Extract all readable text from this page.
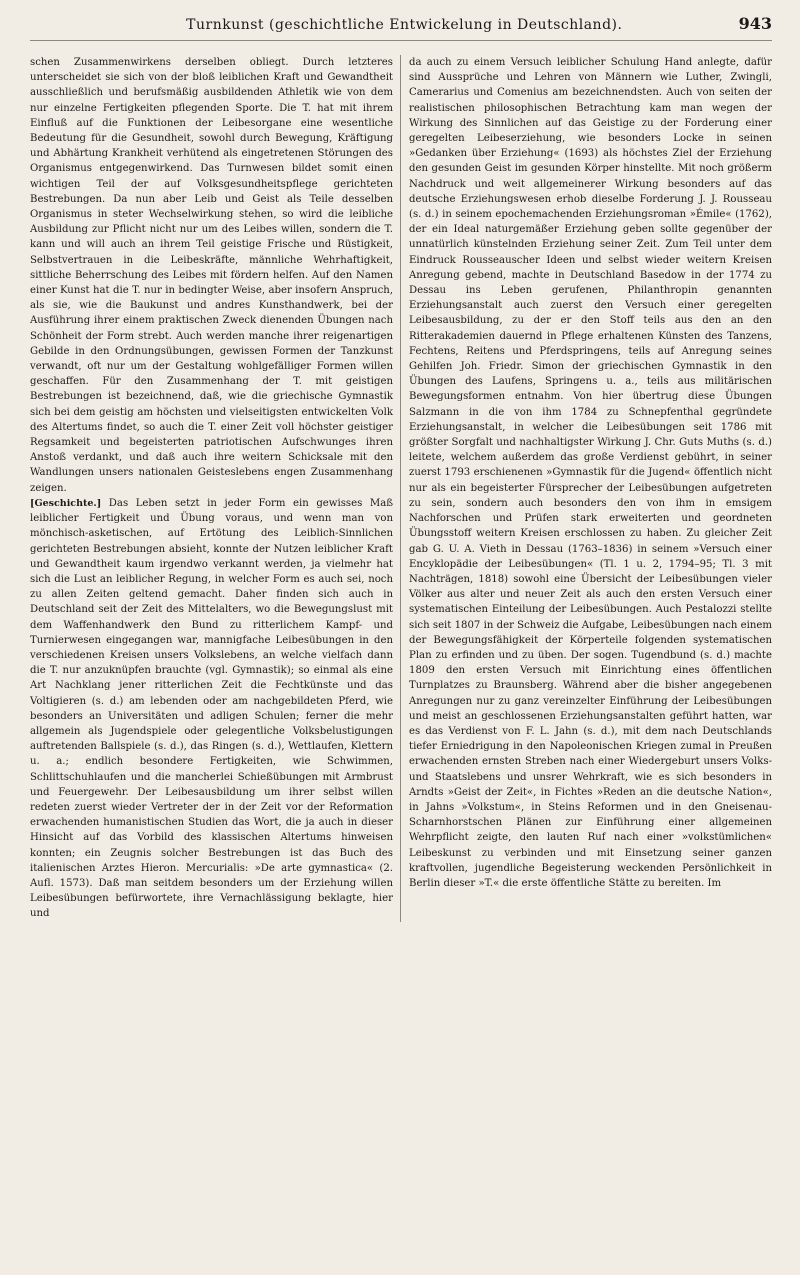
Turnkunst (geschichtliche Entwickelung in Deutschland).	943

schen Zusammenwirkens derselben obliegt. Durch letzteres unterscheidet sie sich von der bloß leiblichen Kraft und Gewandtheit ausschließlich und berufsmäßig ausbildenden Athletik wie von dem nur einzelne Fertigkeiten pflegenden Sporte. Die T. hat mit ihrem Einfluß auf die Funktionen der Leibesorgane eine wesentliche Bedeutung für die Gesundheit, sowohl durch Bewegung, Kräftigung und Abhärtung Krankheit verhütend als eingetretenen Störungen des Organismus entgegenwirkend. Das Turnwesen bildet somit einen wichtigen Teil der auf Volksgesundheitspflege gerichteten Bestrebungen. Da nun aber Leib und Geist als Teile desselben Organismus in steter Wechselwirkung stehen, so wird die leibliche Ausbildung zur Pflicht nicht nur um des Leibes willen, sondern die T. kann und will auch an ihrem Teil geistige Frische und Rüstigkeit, Selbstvertrauen in die Leibeskräfte, männliche Wehrhaftigkeit, sittliche Beherrschung des Leibes mit fördern helfen. Auf den Namen einer Kunst hat die T. nur in bedingter Weise, aber insofern Anspruch, als sie, wie die Baukunst und andres Kunsthandwerk, bei der Ausführung ihrer einem praktischen Zweck dienenden Übungen nach Schönheit der Form strebt. Auch werden manche ihrer reigenartigen Gebilde in den Ordnungsübungen, gewissen Formen der Tanzkunst verwandt, oft nur um der Gestaltung wohlgefälliger Formen willen geschaffen. Für den Zusammenhang der T. mit geistigen Bestrebungen ist bezeichnend, daß, wie die griechische Gymnastik sich bei dem geistig am höchsten und vielseitigsten entwickelten Volk des Altertums findet, so auch die T. einer Zeit voll höchster geistiger Regsamkeit und begeisterten patriotischen Aufschwunges ihren Anstoß verdankt, und daß auch ihre weitern Schicksale mit den Wandlungen unsers nationalen Geisteslebens engen Zusammenhang zeigen.

[Geschichte.] Das Leben setzt in jeder Form ein gewisses Maß leiblicher Fertigkeit und Übung voraus, und wenn man von mönchisch-asketischen, auf Ertötung des Leiblich-Sinnlichen gerichteten Bestrebungen absieht, konnte der Nutzen leiblicher Kraft und Gewandtheit kaum irgendwo verkannt werden, ja vielmehr hat sich die Lust an leiblicher Regung, in welcher Form es auch sei, noch zu allen Zeiten geltend gemacht. Daher finden sich auch in Deutschland seit der Zeit des Mittelalters, wo die Bewegungslust mit dem Waffenhandwerk den Bund zu ritterlichem Kampf- und Turnierwesen eingegangen war, mannigfache Leibesübungen in den verschiedenen Kreisen unsers Volkslebens, an welche vielfach dann die T. nur anzuknüpfen brauchte (vgl. Gymnastik); so einmal als eine Art Nachklang jener ritterlichen Zeit die Fechtkünste und das Voltigieren (s. d.) am lebenden oder am nachgebildeten Pferd, wie besonders an Universitäten und adligen Schulen; ferner die mehr allgemein als Jugendspiele oder gelegentliche Volksbelustigungen auftretenden Ballspiele (s. d.), das Ringen (s. d.), Wettlaufen, Klettern u. a.; endlich besondere Fertigkeiten, wie Schwimmen, Schlittschuhlaufen und die mancherlei Schießübungen mit Armbrust und Feuergewehr. Der Leibesausbildung um ihrer selbst willen redeten zuerst wieder Vertreter der in der Zeit vor der Reformation erwachenden humanistischen Studien das Wort, die ja auch in dieser Hinsicht auf das Vorbild des klassischen Altertums hinweisen konnten; ein Zeugnis solcher Bestrebungen ist das Buch des italienischen Arztes Hieron. Mercurialis: »De arte gymnastica« (2. Aufl. 1573). Daß man seitdem besonders um der Erziehung willen Leibesübungen befürwortete, ihre Vernachlässigung beklagte, hier und

da auch zu einem Versuch leiblicher Schulung Hand anlegte, dafür sind Aussprüche und Lehren von Männern wie Luther, Zwingli, Camerarius und Comenius am bezeichnendsten. Auch von seiten der realistischen philosophischen Betrachtung kam man wegen der Wirkung des Sinnlichen auf das Geistige zu der Forderung einer geregelten Leibeserziehung, wie besonders Locke in seinen »Gedanken über Erziehung« (1693) als höchstes Ziel der Erziehung den gesunden Geist im gesunden Körper hinstellte. Mit noch größerm Nachdruck und weit allgemeinerer Wirkung besonders auf das deutsche Erziehungswesen erhob dieselbe Forderung J. J. Rousseau (s. d.) in seinem epochemachenden Erziehungsroman »Émile« (1762), der ein Ideal naturgemäßer Erziehung geben sollte gegenüber der unnatürlich künstelnden Erziehung seiner Zeit. Zum Teil unter dem Eindruck Rousseauscher Ideen und selbst wieder weitern Kreisen Anregung gebend, machte in Deutschland Basedow in der 1774 zu Dessau ins Leben gerufenen, Philanthropin genannten Erziehungsanstalt auch zuerst den Versuch einer geregelten Leibesausbildung, zu der er den Stoff teils aus den an den Ritterakademien dauernd in Pflege erhaltenen Künsten des Tanzens, Fechtens, Reitens und Pferdspringens, teils auf Anregung seines Gehilfen Joh. Friedr. Simon der griechischen Gymnastik in den Übungen des Laufens, Springens u. a., teils aus militärischen Bewegungsformen entnahm. Von hier übertrug diese Übungen Salzmann in die von ihm 1784 zu Schnepfenthal gegründete Erziehungsanstalt, in welcher die Leibesübungen seit 1786 mit größter Sorgfalt und nachhaltigster Wirkung J. Chr. Guts Muths (s. d.) leitete, welchem außerdem das große Verdienst gebührt, in seiner zuerst 1793 erschienenen »Gymnastik für die Jugend« öffentlich nicht nur als ein begeisterter Fürsprecher der Leibesübungen aufgetreten zu sein, sondern auch besonders den von ihm in emsigem Nachforschen und Prüfen stark erweiterten und geordneten Übungsstoff weitern Kreisen erschlossen zu haben. Zu gleicher Zeit gab G. U. A. Vieth in Dessau (1763–1836) in seinem »Versuch einer Encyklopädie der Leibesübungen« (Tl. 1 u. 2, 1794–95; Tl. 3 mit Nachträgen, 1818) sowohl eine Übersicht der Leibesübungen vieler Völker aus alter und neuer Zeit als auch den ersten Versuch einer systematischen Einteilung der Leibesübungen. Auch Pestalozzi stellte sich seit 1807 in der Schweiz die Aufgabe, Leibesübungen nach einem der Bewegungsfähigkeit der Körperteile folgenden systematischen Plan zu erfinden und zu üben. Der sogen. Tugendbund (s. d.) machte 1809 den ersten Versuch mit Einrichtung eines öffentlichen Turnplatzes zu Braunsberg. Während aber die bisher angegebenen Anregungen nur zu ganz vereinzelter Einführung der Leibesübungen und meist an geschlossenen Erziehungsanstalten geführt hatten, war es das Verdienst von F. L. Jahn (s. d.), mit dem nach Deutschlands tiefer Erniedrigung in den Napoleonischen Kriegen zumal in Preußen erwachenden ernsten Streben nach einer Wiedergeburt unsers Volks- und Staatslebens und unsrer Wehrkraft, wie es sich besonders in Arndts »Geist der Zeit«, in Fichtes »Reden an die deutsche Nation«, in Jahns »Volkstum«, in Steins Reformen und in den Gneisenau-Scharnhorstschen Plänen zur Einführung einer allgemeinen Wehrpflicht zeigte, den lauten Ruf nach einer »volkstümlichen« Leibeskunst zu verbinden und mit Einsetzung seiner ganzen kraftvollen, jugendliche Begeisterung weckenden Persönlichkeit in Berlin dieser »T.« die erste öffentliche Stätte zu bereiten. Im
